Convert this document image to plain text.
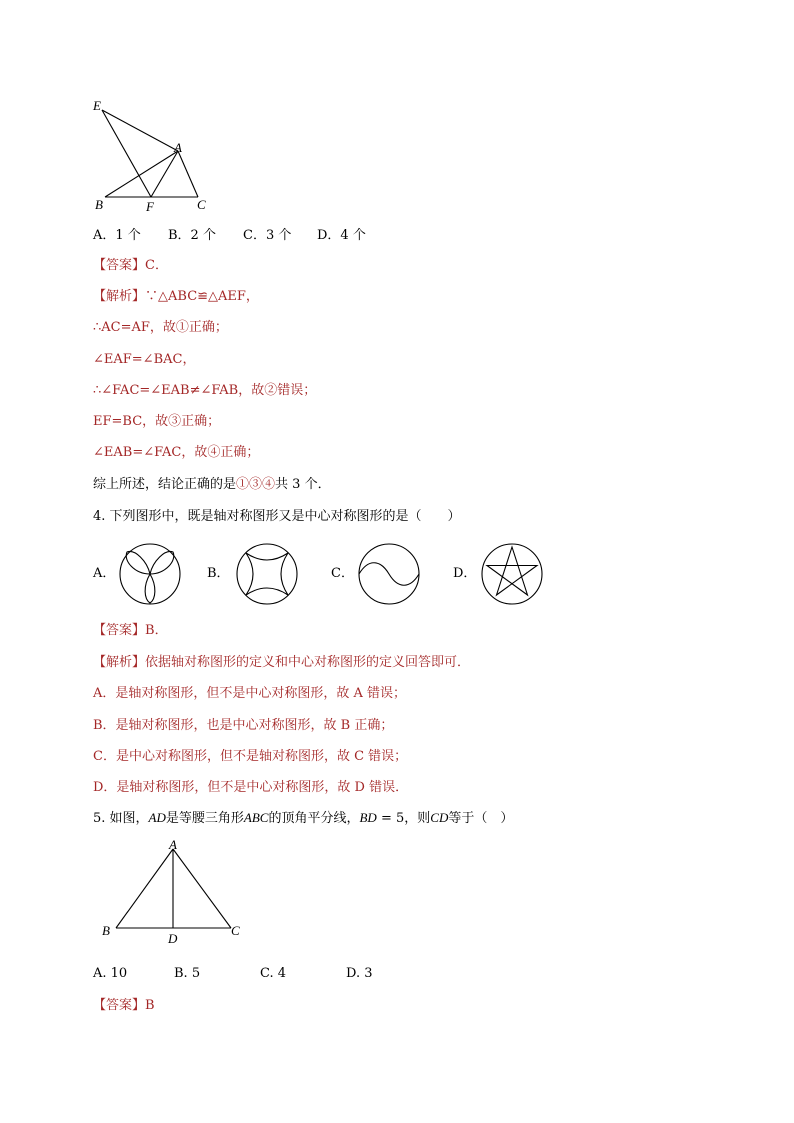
E
A
B	F	C
A．1 个 B．2 个 C．3 个 D．4 个
【答案】C．
【解析】∵△ABC≌△AEF，
∴AC=AF，故①正确；
∠EAF=∠BAC，
∴∠FAC=∠EAB≠∠FAB，故②错误；
EF=BC，故③正确；
∠EAB=∠FAC，故④正确；
综上所述，结论正确的是①③④共 3 个．
4. 下列图形中，既是轴对称图形又是中心对称图形的是（　　）
A．	B．	C．	D．
【答案】B．
【解析】依据轴对称图形的定义和中心对称图形的定义回答即可．
A．是轴对称图形，但不是中心对称图形，故 A 错误；
B．是轴对称图形，也是中心对称图形，故 B 正确；
C．是中心对称图形，但不是轴对称图形，故 C 错误；
D．是轴对称图形，但不是中心对称图形，故 D 错误．
5. 如图，AD是等腰三角形ABC的顶角平分线，BD = 5，则CD等于（　）
A
B
D
C
A. 10	B. 5	C. 4	D. 3
【答案】B
